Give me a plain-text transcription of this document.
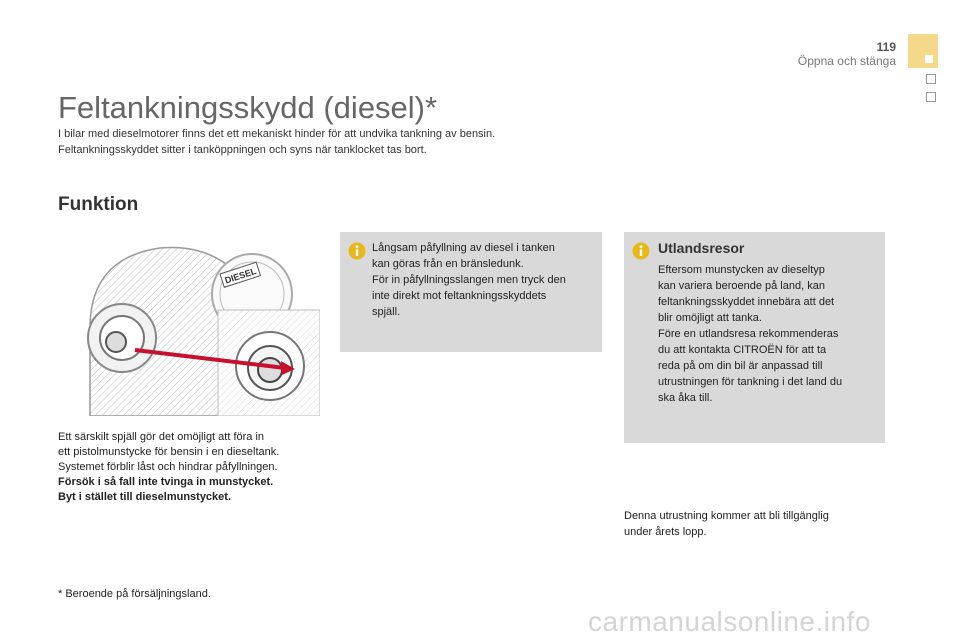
119
Öppna och stänga
Feltankningsskydd (diesel)*
I bilar med dieselmotorer finns det ett mekaniskt hinder för att undvika tankning av bensin.
Feltankningsskyddet sitter i tanköppningen och syns när tanklocket tas bort.
Funktion
DIESEL
Ett särskilt spjäll gör det omöjligt att föra in
ett pistolmunstycke för bensin i en dieseltank.
Systemet förblir låst och hindrar påfyllningen.
Försök i så fall inte tvinga in munstycket.
Byt i stället till dieselmunstycket.
* Beroende på försäljningsland.
Långsam påfyllning av diesel i tanken
kan göras från en bränsledunk.
För in påfyllningsslangen men tryck den
inte direkt mot feltankningsskyddets
spjäll.
Utlandsresor
Eftersom munstycken av dieseltyp
kan variera beroende på land, kan
feltankningsskyddet innebära att det
blir omöjligt att tanka.
Före en utlandsresa rekommenderas
du att kontakta CITROËN för att ta
reda på om din bil är anpassad till
utrustningen för tankning i det land du
ska åka till.
Denna utrustning kommer att bli tillgänglig
under årets lopp.
carmanualsonline.info
